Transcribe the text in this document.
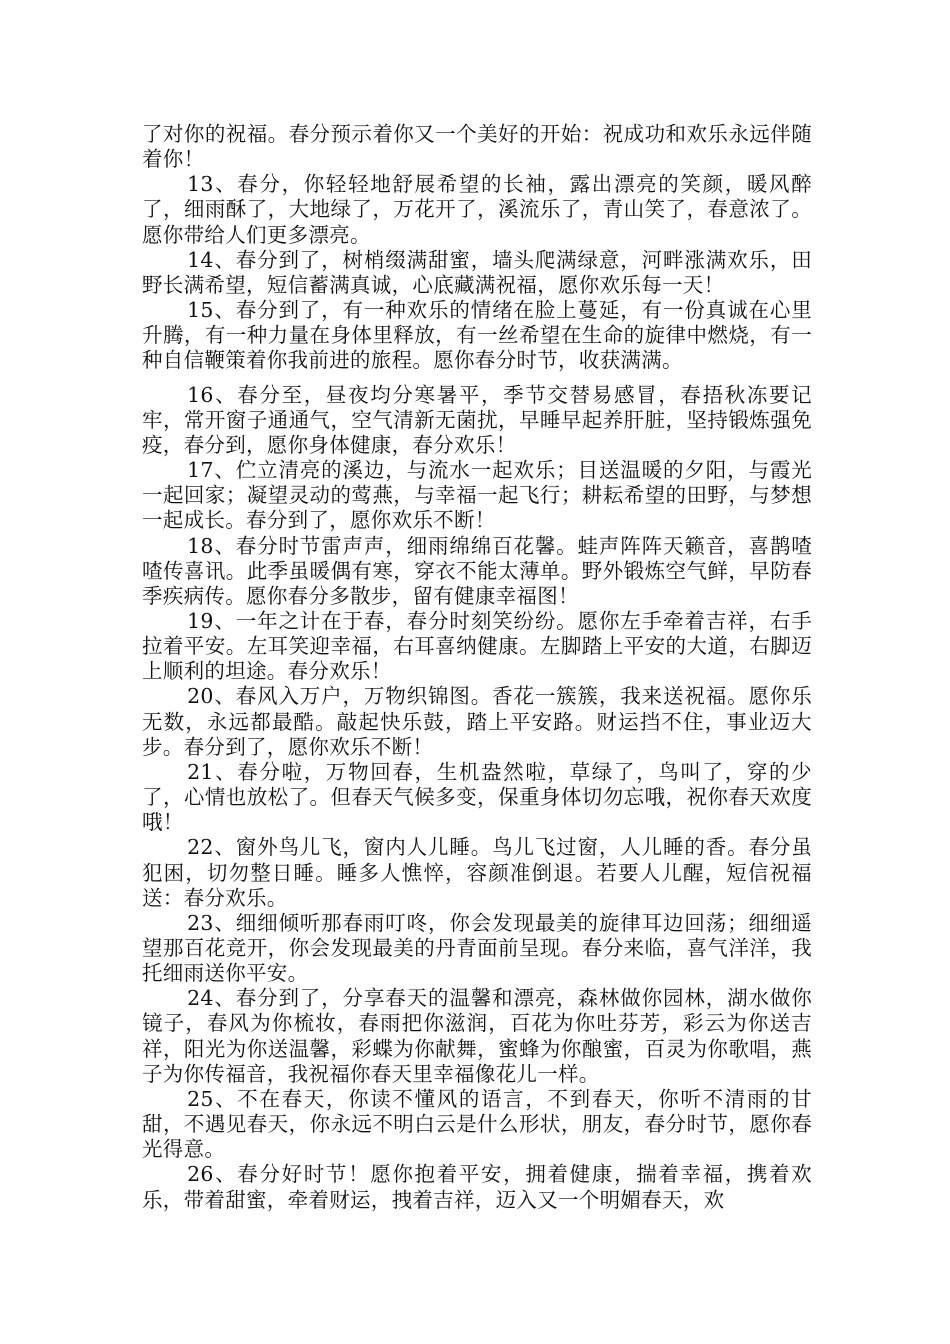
了对你的祝福。春分预示着你又一个美好的开始：祝成功和欢乐永远伴随着你！

13、春分，你轻轻地舒展希望的长袖，露出漂亮的笑颜，暖风醉了，细雨酥了，大地绿了，万花开了，溪流乐了，青山笑了，春意浓了。愿你带给人们更多漂亮。

14、春分到了，树梢缀满甜蜜，墙头爬满绿意，河畔涨满欢乐，田野长满希望，短信蓄满真诚，心底藏满祝福，愿你欢乐每一天！

15、春分到了，有一种欢乐的情绪在脸上蔓延，有一份真诚在心里升腾，有一种力量在身体里释放，有一丝希望在生命的旋律中燃烧，有一种自信鞭策着你我前进的旅程。愿你春分时节，收获满满。

16、春分至，昼夜均分寒暑平，季节交替易感冒，春捂秋冻要记牢，常开窗子通通气，空气清新无菌扰，早睡早起养肝脏，坚持锻炼强免疫，春分到，愿你身体健康，春分欢乐！

17、伫立清亮的溪边，与流水一起欢乐；目送温暖的夕阳，与霞光一起回家；凝望灵动的莺燕，与幸福一起飞行；耕耘希望的田野，与梦想一起成长。春分到了，愿你欢乐不断！

18、春分时节雷声声，细雨绵绵百花馨。蛙声阵阵天籁音，喜鹊喳喳传喜讯。此季虽暖偶有寒，穿衣不能太薄单。野外锻炼空气鲜，早防春季疾病传。愿你春分多散步，留有健康幸福图！

19、一年之计在于春，春分时刻笑纷纷。愿你左手牵着吉祥，右手拉着平安。左耳笑迎幸福，右耳喜纳健康。左脚踏上平安的大道，右脚迈上顺利的坦途。春分欢乐！

20、春风入万户，万物织锦图。香花一簇簇，我来送祝福。愿你乐无数，永远都最酷。敲起快乐鼓，踏上平安路。财运挡不住，事业迈大步。春分到了，愿你欢乐不断！

21、春分啦，万物回春，生机盎然啦，草绿了，鸟叫了，穿的少了，心情也放松了。但春天气候多变，保重身体切勿忘哦，祝你春天欢度哦！

22、窗外鸟儿飞，窗内人儿睡。鸟儿飞过窗，人儿睡的香。春分虽犯困，切勿整日睡。睡多人憔悴，容颜准倒退。若要人儿醒，短信祝福送：春分欢乐。

23、细细倾听那春雨叮咚，你会发现最美的旋律耳边回荡；细细遥望那百花竞开，你会发现最美的丹青面前呈现。春分来临，喜气洋洋，我托细雨送你平安。

24、春分到了，分享春天的温馨和漂亮，森林做你园林，湖水做你镜子，春风为你梳妆，春雨把你滋润，百花为你吐芬芳，彩云为你送吉祥，阳光为你送温馨，彩蝶为你献舞，蜜蜂为你酿蜜，百灵为你歌唱，燕子为你传福音，我祝福你春天里幸福像花儿一样。

25、不在春天，你读不懂风的语言，不到春天，你听不清雨的甘甜，不遇见春天，你永远不明白云是什么形状，朋友，春分时节，愿你春光得意。

26、春分好时节！愿你抱着平安，拥着健康，揣着幸福，携着欢乐，带着甜蜜，牵着财运，拽着吉祥，迈入又一个明媚春天，欢
